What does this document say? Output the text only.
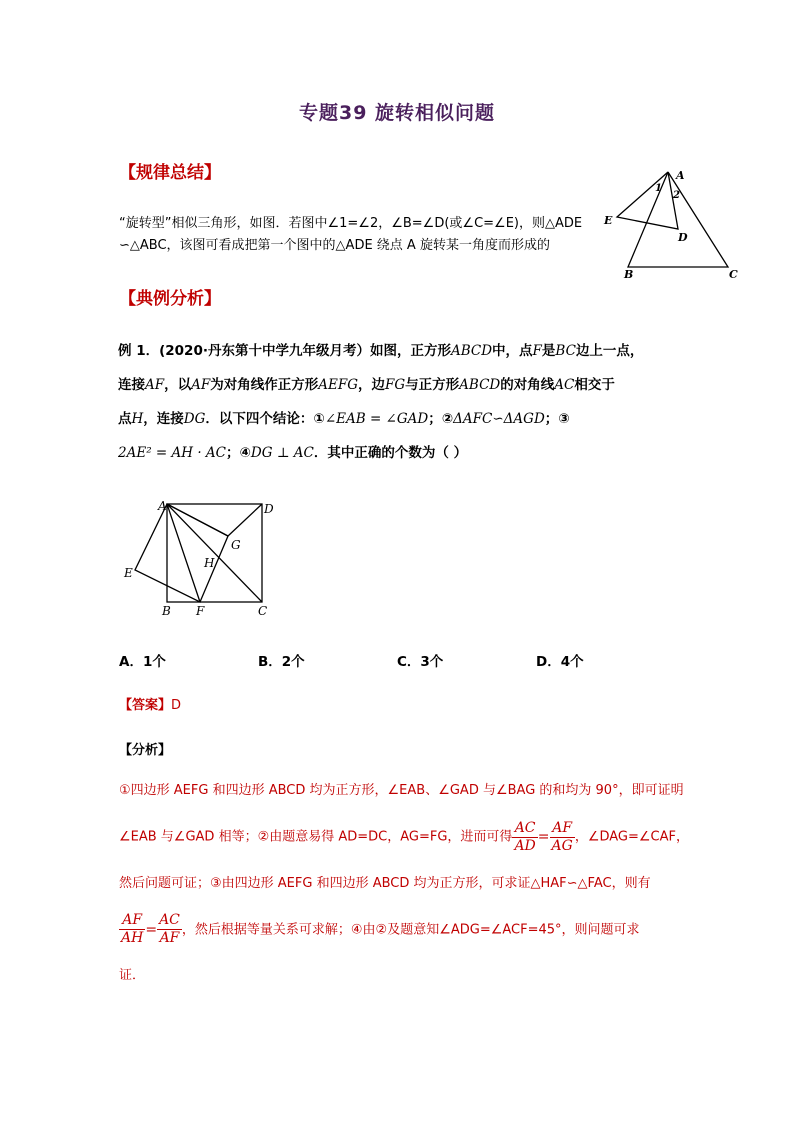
专题39 旋转相似问题
【规律总结】
“旋转型”相似三角形，如图．若图中∠1=∠2，∠B=∠D(或∠C=∠E)，则△ADE
∽△ABC，该图可看成把第一个图中的△ADE 绕点 A 旋转某一角度而形成的
A
1
2
E
D
B	C
【典例分析】
例 1．(2020·丹东第十中学九年级月考）如图，正方形ABCD中，点F是BC边上一点，
连接AF，以AF为对角线作正方形AEFG，边FG与正方形ABCD的对角线AC相交于
点H，连接DG．以下四个结论：①∠EAB = ∠GAD；②ΔAFC∽ΔAGD；③
2AE² = AH · AC；④DG ⊥ AC．其中正确的个数为（ ）
A	D
G
H
E
B F	C
A．1个	B．2个	C．3个	D．4个
【答案】D
【分析】
①四边形 AEFG 和四边形 ABCD 均为正方形，∠EAB、∠GAD 与∠BAG 的和均为 90°，即可证明
∠EAB 与∠GAD 相等；②由题意易得 AD=DC，AG=FG，进而可得 $\frac{AC}{AD} = \frac{AF}{AG}$ ，∠DAG=∠CAF，
然后问题可证；③由四边形 AEFG 和四边形 ABCD 均为正方形，可求证△HAF∽△FAC，则有
$\frac{AF}{AH} = \frac{AC}{AF}$ ，然后根据等量关系可求解；④由②及题意知∠ADG=∠ACF=45°，则问题可求
证．
